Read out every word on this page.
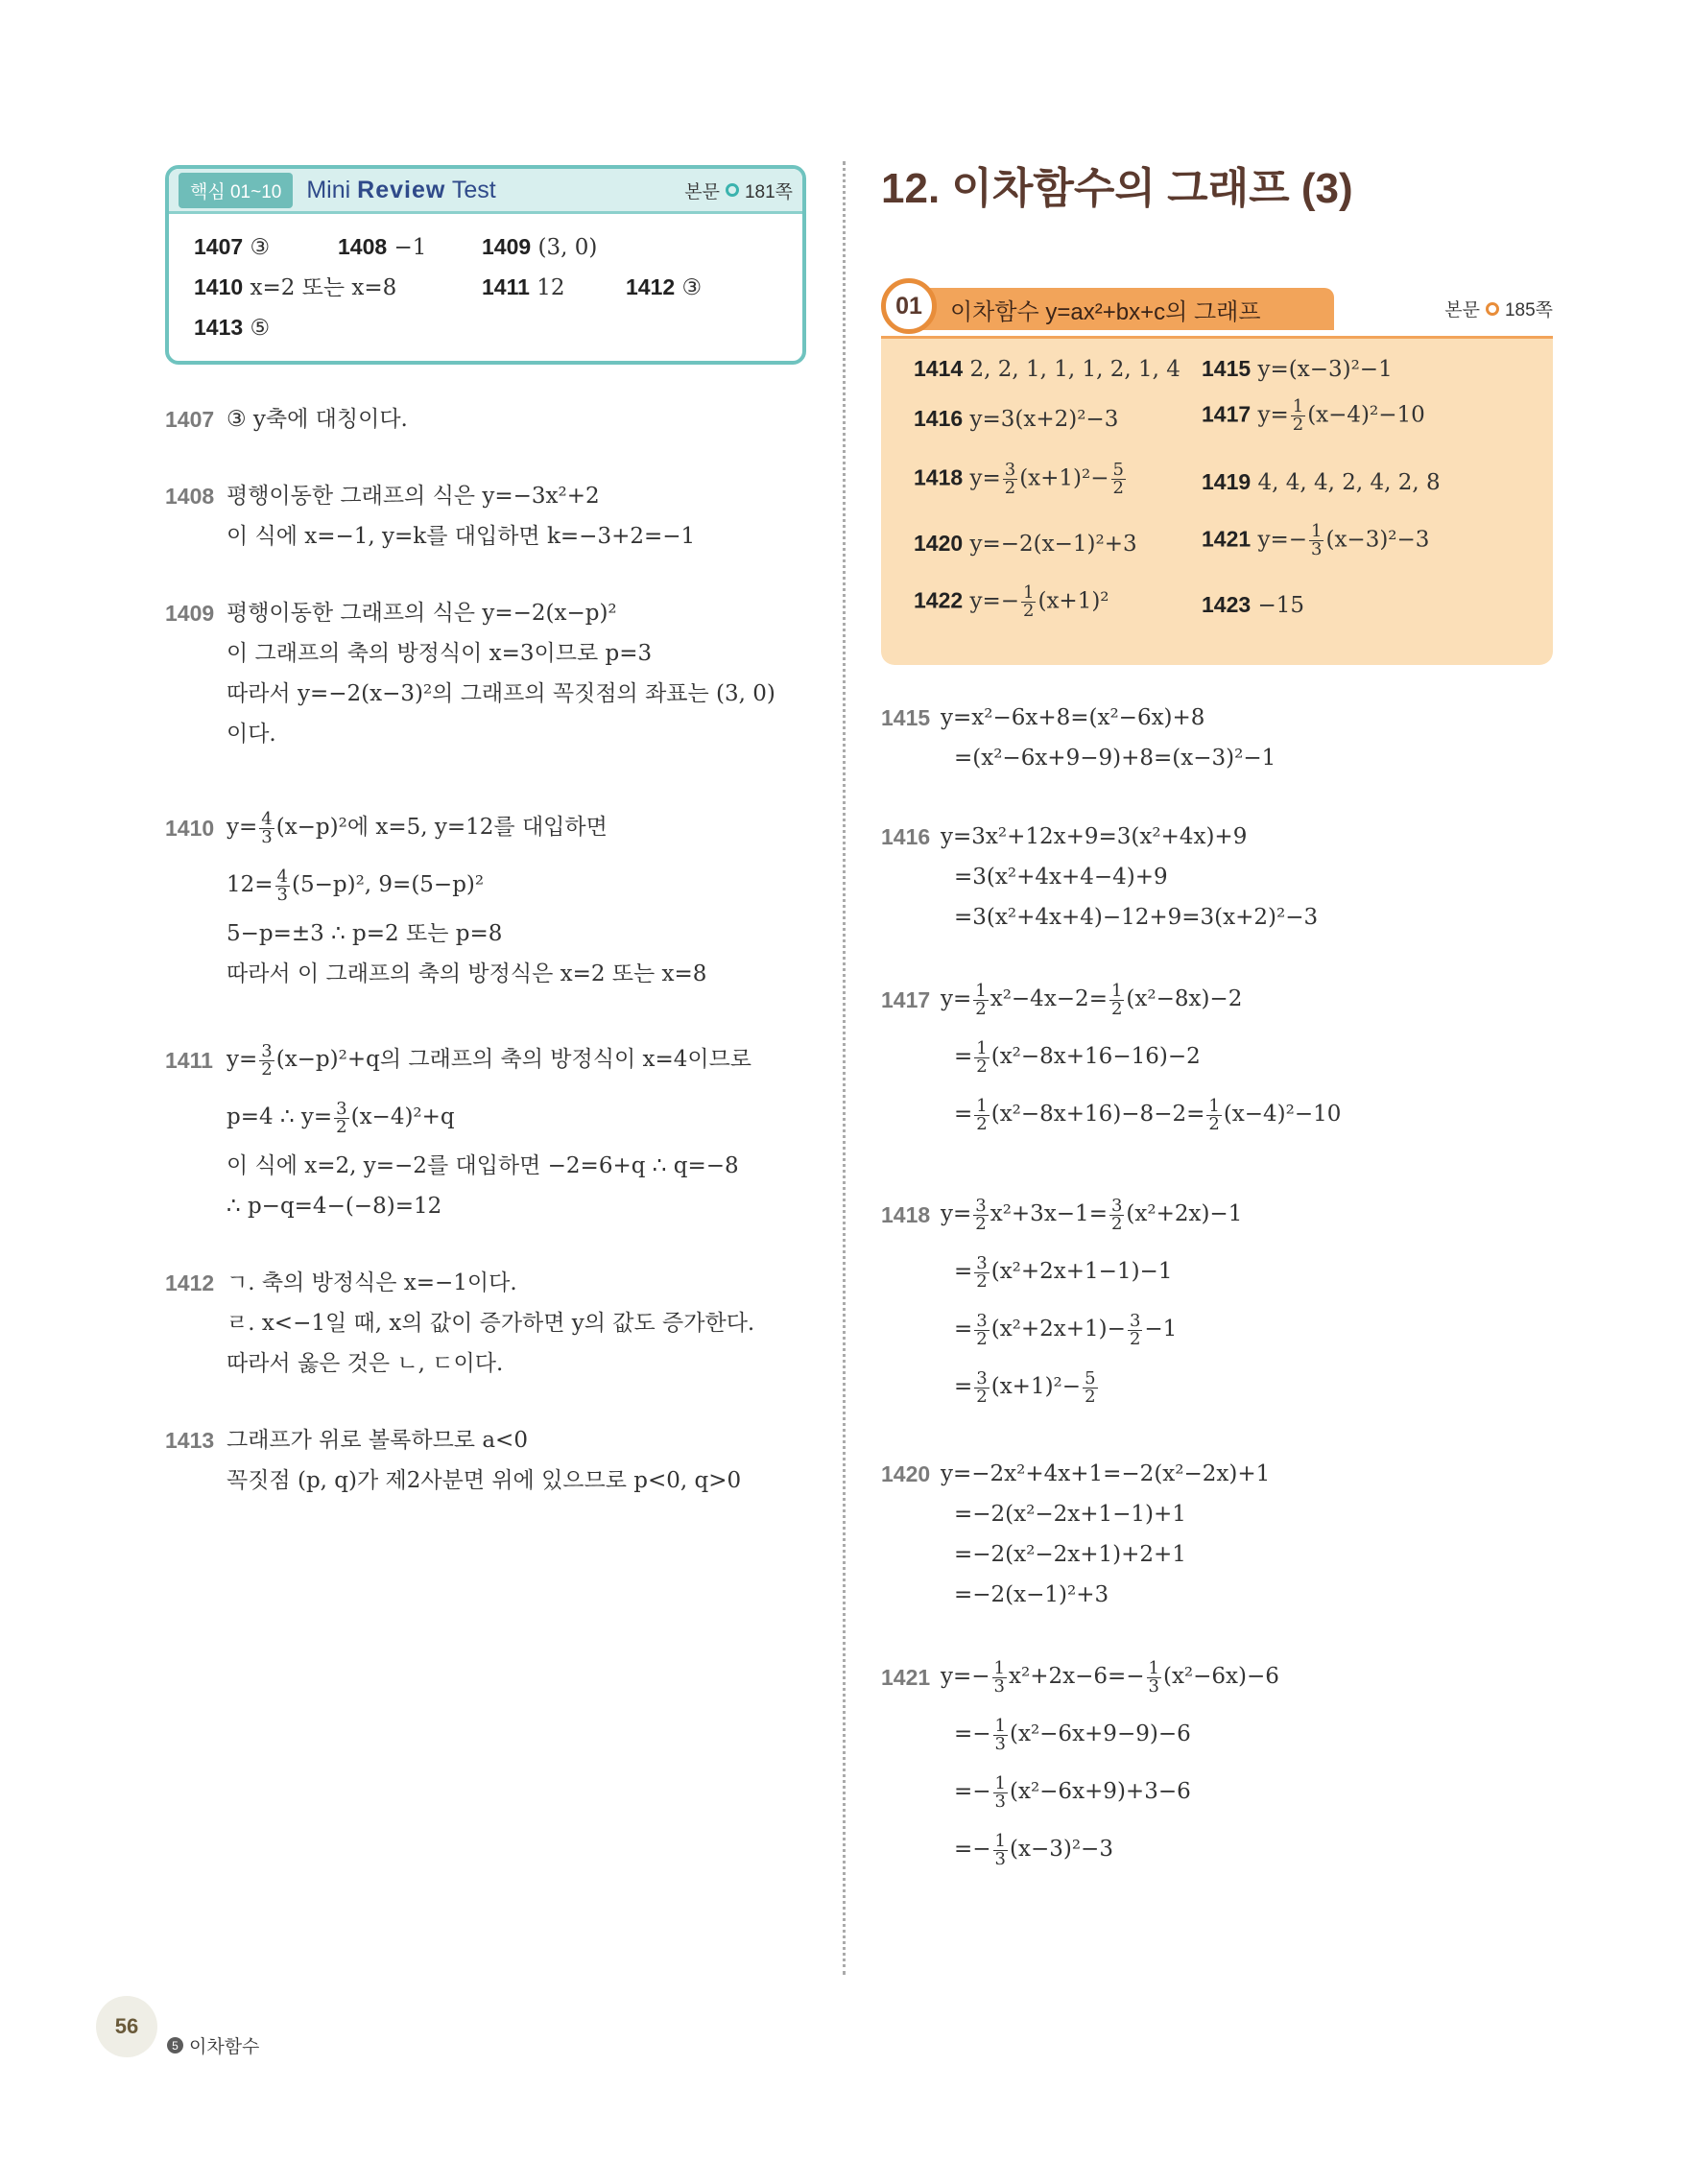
핵심 01~10	Mini Review Test	본문 181쪽
1407 ③	1408 −1	1409 (3, 0)
1410 x=2 또는 x=8	1411 12	1412 ③
1413 ⑤
1407 ③ y축에 대칭이다.
1408 평행이동한 그래프의 식은 y=−3x²+2
이 식에 x=−1, y=k를 대입하면 k=−3+2=−1
1409 평행이동한 그래프의 식은 y=−2(x−p)²
이 그래프의 축의 방정식이 x=3이므로 p=3
따라서 y=−2(x−3)²의 그래프의 꼭짓점의 좌표는 (3, 0)
이다.
1410 $y= \frac{4}{3} (x-p)^2$에 x=5, y=12를 대입하면
$12= \frac{4}{3} (5-p)^2$, 9=(5−p)²
5−p=±3 ∴ p=2 또는 p=8
따라서 이 그래프의 축의 방정식은 x=2 또는 x=8
1411 $y= \frac{3}{2} (x-p)^2+q$의 그래프의 축의 방정식이 x=4이므로
p=4 ∴ $y= \frac{3}{2} (x-4)^2+q$
이 식에 x=2, y=−2를 대입하면 −2=6+q ∴ q=−8
∴ p−q=4−(−8)=12
1412 ㄱ. 축의 방정식은 x=−1이다.
ㄹ. x<−1일 때, x의 값이 증가하면 y의 값도 증가한다.
따라서 옳은 것은 ㄴ, ㄷ이다.
1413 그래프가 위로 볼록하므로 a<0
꼭짓점 (p, q)가 제2사분면 위에 있으므로 p<0, q>0
12. 이차함수의 그래프 (3)
01	이차함수 y=ax²+bx+c의 그래프	본문 185쪽
1414 2, 2, 1, 1, 1, 2, 1, 4 1415 y=(x−3)²−1
1416 y=3(x+2)²−3	1417 $y= \frac{1}{2} (x-4)^2-10$
1418 $y= \frac{3}{2} (x+1)^2- \frac{5}{2}$	1419 4, 4, 4, 2, 4, 2, 8
1420 y=−2(x−1)²+3	1421 $y=- \frac{1}{3} (x-3)^2-3$
1422 $y=- \frac{1}{2} (x+1)^2$	1423 −15
1415 y=x²−6x+8=(x²−6x)+8
=(x²−6x+9−9)+8=(x−3)²−1
1416 y=3x²+12x+9=3(x²+4x)+9
=3(x²+4x+4−4)+9
=3(x²+4x+4)−12+9=3(x+2)²−3
1417 $y= \frac{1}{2} x^2-4x-2= \frac{1}{2} (x^2-8x)-2$
= $\frac{1}{2} (x^2-8x+16-16)-2$
= $\frac{1}{2} (x^2-8x+16)-8-2= \frac{1}{2} (x-4)^2-10$
1418 $y= \frac{3}{2} x^2+3x-1= \frac{3}{2} (x^2+2x)-1$
= $\frac{3}{2} (x^2+2x+1-1)-1$
= $\frac{3}{2} (x^2+2x+1)- \frac{3}{2} -1$
= $\frac{3}{2} (x+1)^2- \frac{5}{2}$
1420 y=−2x²+4x+1=−2(x²−2x)+1
=−2(x²−2x+1−1)+1
=−2(x²−2x+1)+2+1
=−2(x−1)²+3
1421 $y=- \frac{1}{3} x^2+2x-6=- \frac{1}{3} (x^2-6x)-6$
=− $\frac{1}{3} (x^2-6x+9-9)-6$
=− $\frac{1}{3} (x^2-6x+9)+3-6$
=− $\frac{1}{3} (x-3)^2-3$
56
5 이차함수
